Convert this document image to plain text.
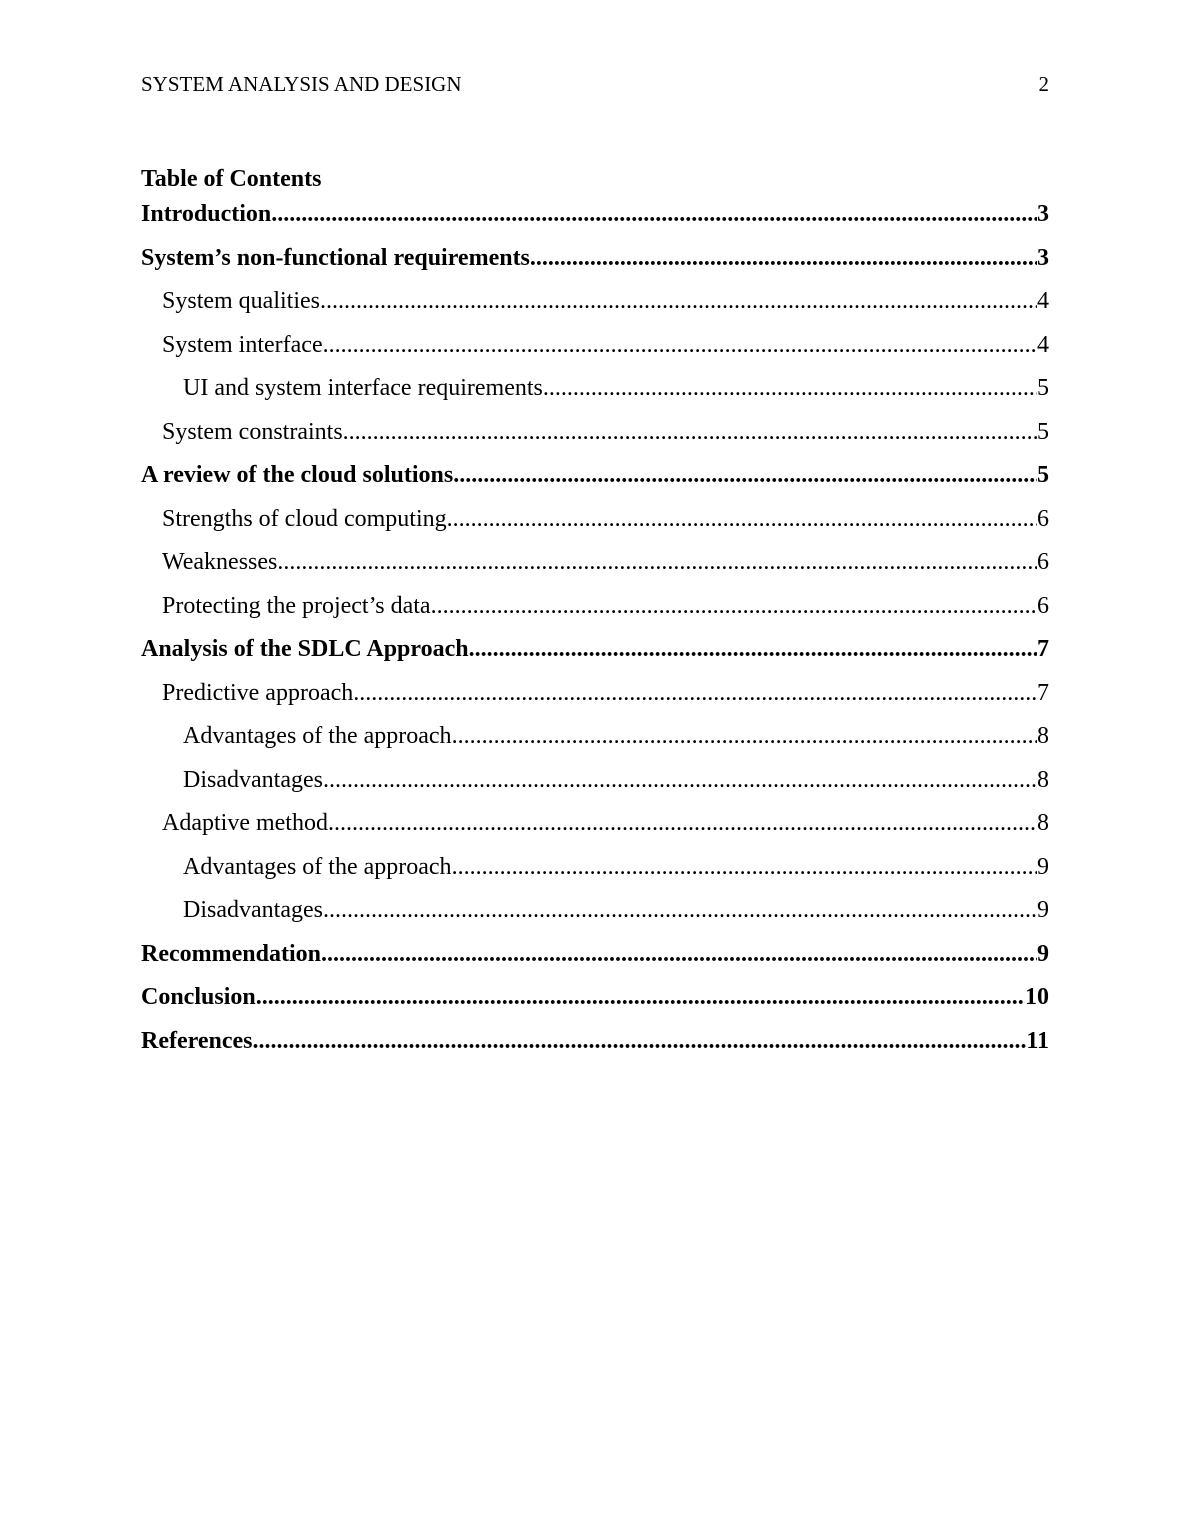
SYSTEM ANALYSIS AND DESIGN	2
Table of Contents
Introduction .....	3
System’s non-functional requirements .....	3
System qualities .....	4
System interface .....	4
UI and system interface requirements .....	5
System constraints .....	5
A review of the cloud solutions .....	5
Strengths of cloud computing .....	6
Weaknesses .....	6
Protecting the project’s data .....	6
Analysis of the SDLC Approach .....	7
Predictive approach .....	7
Advantages of the approach .....	8
Disadvantages .....	8
Adaptive method .....	8
Advantages of the approach .....	9
Disadvantages .....	9
Recommendation .....	9
Conclusion .....	10
References .....	11
